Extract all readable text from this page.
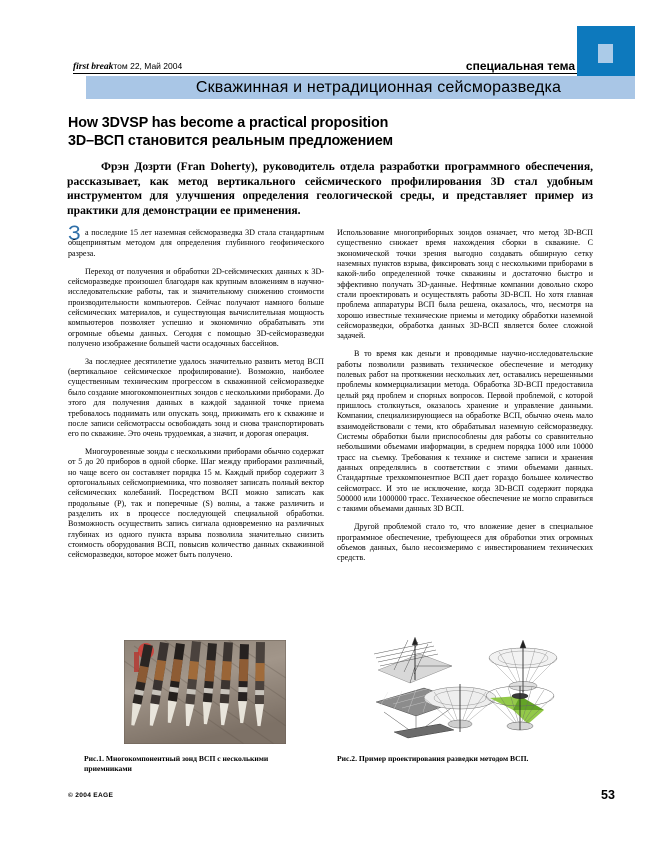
first breakтом 22, Май 2004	специальная тема
Скважинная и нетрадиционная сейсморазведка
How 3DVSP has become a practical proposition
3D–ВСП становится реальным предложением
Фрэн Дозрти (Fran Doherty), руководитель отдела разработки программного обеспечения, рассказывает, как метод вертикального сейсмического профилирования 3D стал удобным инструментом для улучшения определения геологической среды, и представляет пример из практики для демонстрации ее применения.
З а последние 15 лет наземная сейсморазведка 3D стала стандартным общепринятым методом для определения глубинного геофизического разреза.

Переход от получения и обработки 2D-сейсмических данных к 3D-сейсморазведке произошел благодаря как крупным вложениям в научно-исследовательские работы, так и значительному снижению стоимости производительности компьютеров. Сейчас получают намного больше сейсмических материалов, и существующая вычислительная мощность компьютеров позволяет успешно и экономично обрабатывать эти огромные объемы данных. Сегодня с помощью 3D-сейсморазведки получено изображение большей части осадочных бассейнов.

За последнее десятилетие удалось значительно развить метод ВСП (вертикальное сейсмическое профилирование). Возможно, наиболее существенным техническим прогрессом в скважинной сейсморазведке было создание многокомпонентных зондов с несколькими приборами. До этого для получения данных в каждой заданной точке приема требовалось поднимать или опускать зонд, прижимать его к скважине и после записи сейсмотрассы освобождать зонд и снова транспортировать его по скважине. Это очень трудоемкая, а значит, и дорогая операция.

Многоуровенные зонды с несколькими приборами обычно содержат от 5 до 20 приборов в одной сборке. Шаг между приборами различный, но чаще всего он составляет порядка 15 м. Каждый прибор содержит 3 ортогональных сейсмоприемника, что позволяет записать полный вектор сейсмических колебаний. Посредством ВСП можно записать как продольные (P), так и поперечные (S) волны, а также различить и разделить их в процессе последующей специальной обработки. Возможность осуществить запись сигнала одновременно на различных глубинах из одного пункта взрыва позволила значительно снизить стоимость оборудования ВСП, повысив количество данных скважинной сейсморазведки, которое может быть получено.

Использование многоприборных зондов означает, что метод 3D-ВСП существенно снижает время нахождения сборки в скважине. С экономической точки зрения выгодно создавать обширную сетку наземных пунктов взрыва, фиксировать зонд с несколькими приборами в какой-либо определенной точке скважины и достаточно быстро и эффективно получать 3D-данные. Нефтяные компании довольно скоро стали проектировать и осуществлять работы 3D-ВСП. Но хотя главная проблема аппаратуры ВСП была решена, оказалось, что, несмотря на хорошо известные технические приемы и методику обработки наземной сейсморазведки, обработка данных 3D-ВСП является более сложной задачей.

В то время как деньги и проводимые научно-исследовательские работы позволили развивать техническое обеспечение и методику полевых работ на протяжении нескольких лет, оставались нерешенными проблемы коммерциализации метода. Обработка 3D-ВСП предоставила целый ряд проблем и спорных вопросов. Первой проблемой, с которой пришлось столкнуться, оказалось хранение и управление данными. Компании, специализирующиеся на обработке ВСП, обычно очень мало взаимодействовали с теми, кто обрабатывал наземную сейсморазведку. Системы обработки были приспособлены для работы со сравнительно небольшими объемами информации, в среднем порядка 1000 или 10000 трасс на съемку. Требования к технике и системе записи и хранения данных определялись в соответствии с этими объемами данных. Стандартные трехкомпонентное ВСП дает гораздо большее количество сейсмотрасс. И это не исключение, когда 3D-ВСП содержит порядка 500000 или 1000000 трасс. Техническое обеспечение не могло справиться с такими объемами данных 3D ВСП.

Другой проблемой стало то, что вложение денег в специальное программное обеспечение, требующееся для обработки этих огромных объемов данных, было несоизмеримо с инвестированием технических средств.

Рис.1. Многокомпонентный зонд ВСП с несколькими приемниками
Рис.2. Пример проектирования разведки методом ВСП.
© 2004 EAGE	53
